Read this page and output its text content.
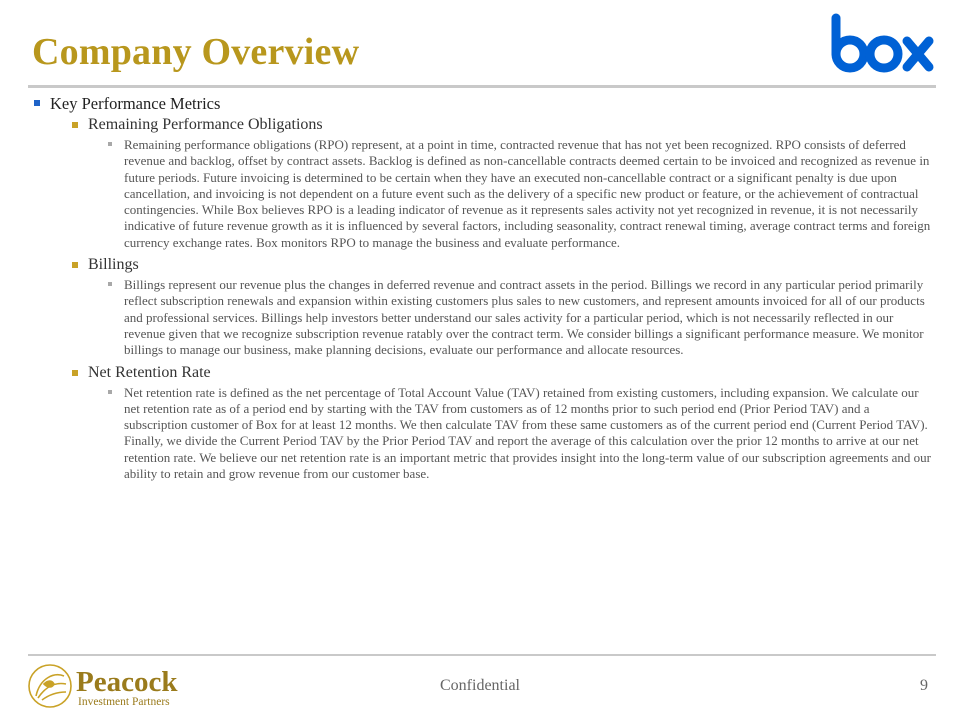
Company Overview
Key Performance Metrics
Remaining Performance Obligations
Remaining performance obligations (RPO) represent, at a point in time, contracted revenue that has not yet been recognized. RPO consists of deferred revenue and backlog, offset by contract assets. Backlog is defined as non-cancellable contracts deemed certain to be invoiced and recognized as revenue in future periods. Future invoicing is determined to be certain when they have an executed non-cancellable contract or a significant penalty is due upon cancellation, and invoicing is not dependent on a future event such as the delivery of a specific new product or feature, or the achievement of contractual contingencies. While Box believes RPO is a leading indicator of revenue as it represents sales activity not yet recognized in revenue, it is not necessarily indicative of future revenue growth as it is influenced by several factors, including seasonality, contract renewal timing, average contract terms and foreign currency exchange rates. Box monitors RPO to manage the business and evaluate performance.
Billings
Billings represent our revenue plus the changes in deferred revenue and contract assets in the period. Billings we record in any particular period primarily reflect subscription renewals and expansion within existing customers plus sales to new customers, and represent amounts invoiced for all of our products and professional services. Billings help investors better understand our sales activity for a particular period, which is not necessarily reflected in our revenue given that we recognize subscription revenue ratably over the contract term. We consider billings a significant performance measure. We monitor billings to manage our business, make planning decisions, evaluate our performance and allocate resources.
Net Retention Rate
Net retention rate is defined as the net percentage of Total Account Value (TAV) retained from existing customers, including expansion. We calculate our net retention rate as of a period end by starting with the TAV from customers as of 12 months prior to such period end (Prior Period TAV) and a subscription customer of Box for at least 12 months. We then calculate TAV from these same customers as of the current period end (Current Period TAV). Finally, we divide the Current Period TAV by the Prior Period TAV and report the average of this calculation over the prior 12 months to arrive at our net retention rate. We believe our net retention rate is an important metric that provides insight into the long-term value of our subscription agreements and our ability to retain and grow revenue from our customer base.
Peacock
Investment Partners
Confidential	9
